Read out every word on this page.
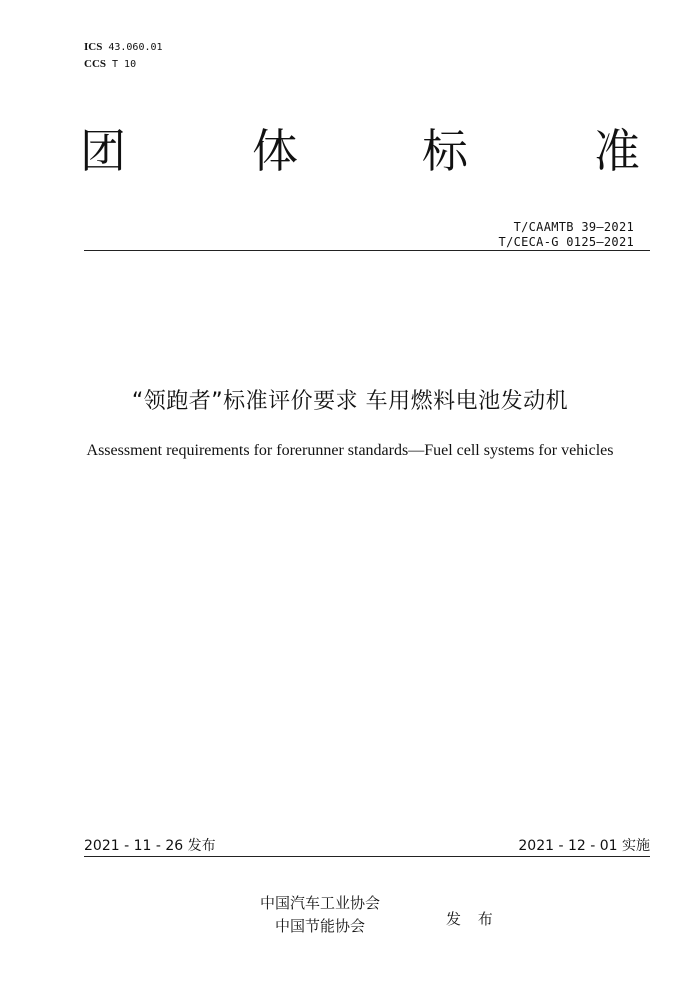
ICS 43.060.01
CCS T 10
团	体	标	准
T/CAAMTB 39—2021
T/CECA-G 0125—2021
“领跑者”标准评价要求 车用燃料电池发动机
Assessment requirements for forerunner standards—Fuel cell systems for vehicles
2021 - 11 - 26 发布	2021 - 12 - 01 实施
中国汽车工业协会
中国节能协会	发 布
